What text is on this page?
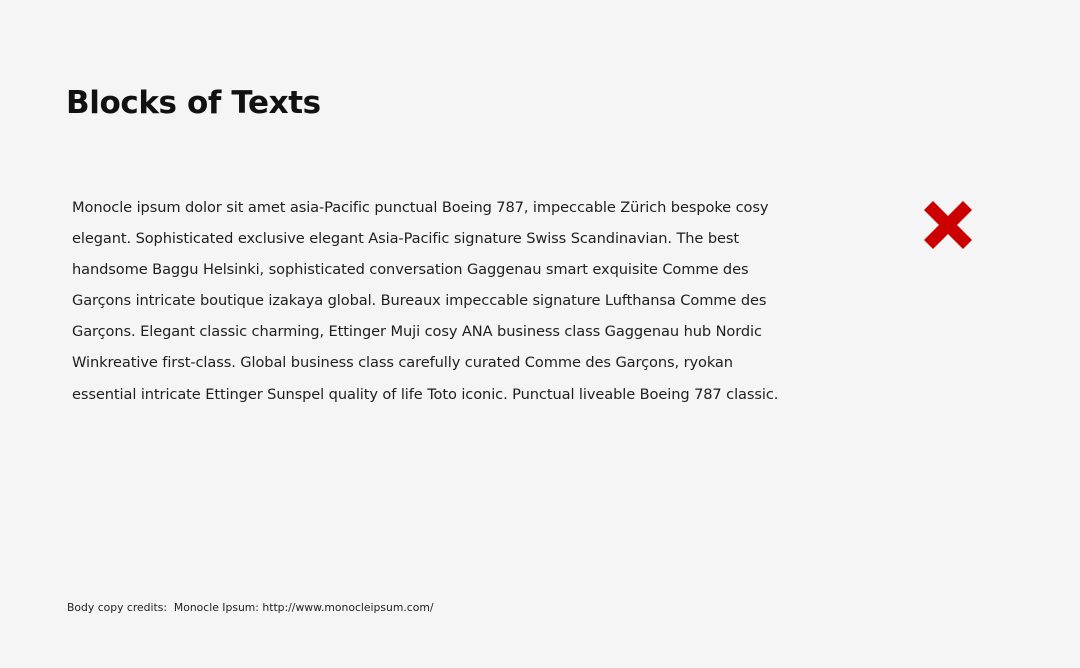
Blocks of Texts

Monocle ipsum dolor sit amet asia-Pacific punctual Boeing 787, impeccable Zürich bespoke cosy
elegant. Sophisticated exclusive elegant Asia-Pacific signature Swiss Scandinavian. The best
handsome Baggu Helsinki, sophisticated conversation Gaggenau smart exquisite Comme des
Garçons intricate boutique izakaya global. Bureaux impeccable signature Lufthansa Comme des
Garçons. Elegant classic charming, Ettinger Muji cosy ANA business class Gaggenau hub Nordic
Winkreative first-class. Global business class carefully curated Comme des Garçons, ryokan
essential intricate Ettinger Sunspel quality of life Toto iconic. Punctual liveable Boeing 787 classic.

Body copy credits:  Monocle Ipsum: http://www.monocleipsum.com/
